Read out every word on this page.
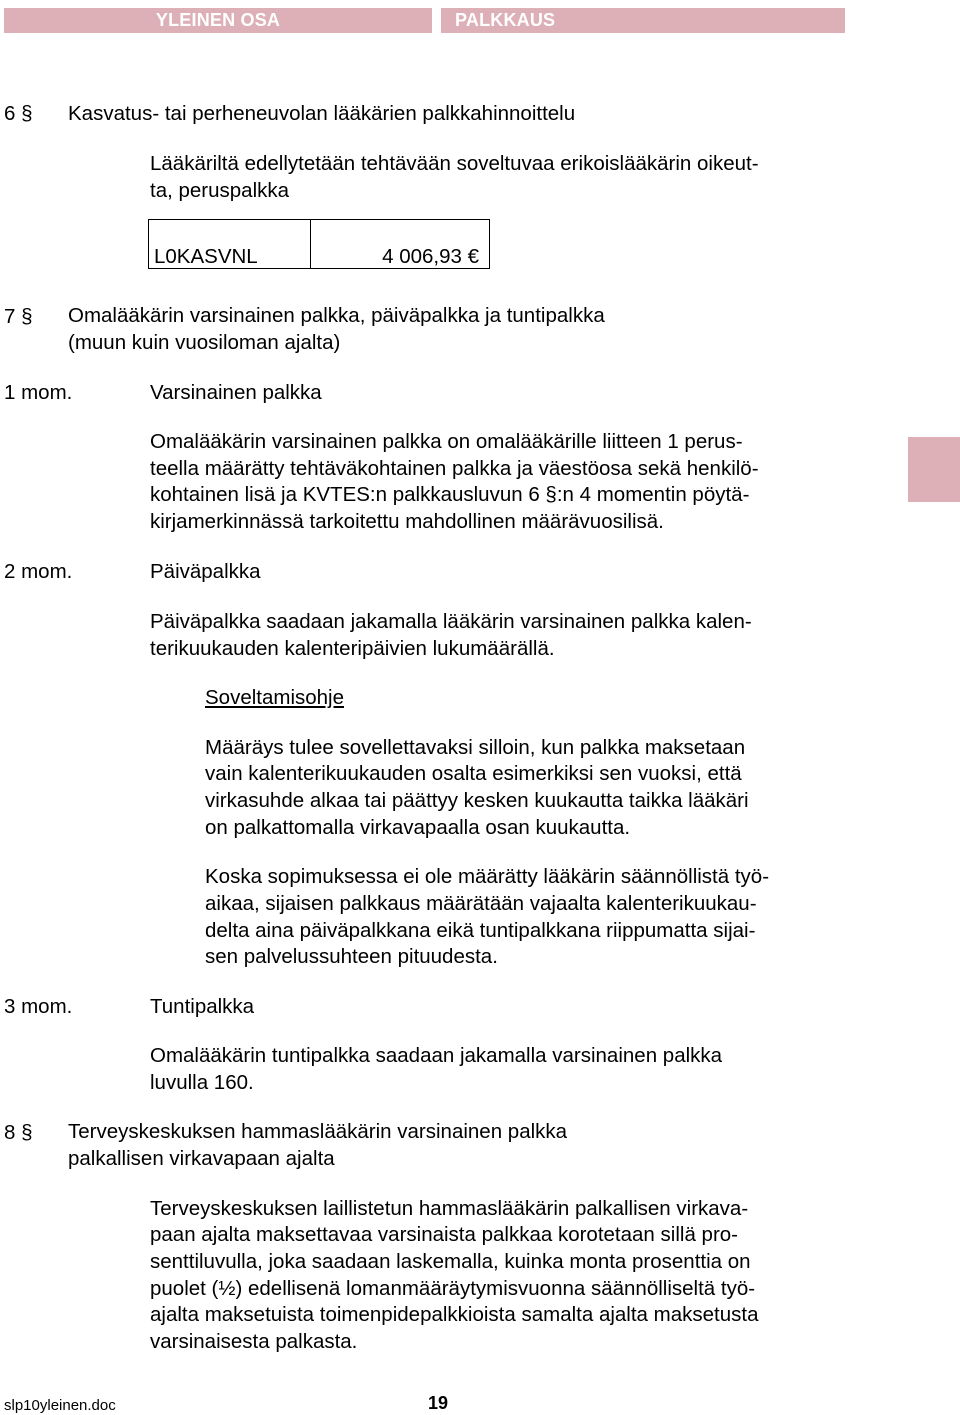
YLEINEN OSA	PALKKAUS
6 § Kasvatus- tai perheneuvolan lääkärien palkkahinnoittelu
Lääkäriltä edellytetään tehtävään soveltuvaa erikoislääkärin oikeut-
ta, peruspalkka
L0KASVNL	4 006,93 €
7 § Omalääkärin varsinainen palkka, päiväpalkka ja tuntipalkka
(muun kuin vuosiloman ajalta)
1 mom.	Varsinainen palkka
Omalääkärin varsinainen palkka on omalääkärille liitteen 1 perus-
teella määrätty tehtäväkohtainen palkka ja väestöosa sekä henkilö-
kohtainen lisä ja KVTES:n palkkausluvun 6 §:n 4 momentin pöytä-
kirjamerkinnässä tarkoitettu mahdollinen määrävuosilisä.
2 mom.	Päiväpalkka
Päiväpalkka saadaan jakamalla lääkärin varsinainen palkka kalen-
terikuukauden kalenteripäivien lukumäärällä.
Soveltamisohje
Määräys tulee sovellettavaksi silloin, kun palkka maksetaan
vain kalenterikuukauden osalta esimerkiksi sen vuoksi, että
virkasuhde alkaa tai päättyy kesken kuukautta taikka lääkäri
on palkattomalla virkavapaalla osan kuukautta.
Koska sopimuksessa ei ole määrätty lääkärin säännöllistä työ-
aikaa, sijaisen palkkaus määrätään vajaalta kalenterikuukau-
delta aina päiväpalkkana eikä tuntipalkkana riippumatta sijai-
sen palvelussuhteen pituudesta.
3 mom.	Tuntipalkka
Omalääkärin tuntipalkka saadaan jakamalla varsinainen palkka
luvulla 160.
8 § Terveyskeskuksen hammaslääkärin varsinainen palkka
palkallisen virkavapaan ajalta
Terveyskeskuksen laillistetun hammaslääkärin palkallisen virkava-
paan ajalta maksettavaa varsinaista palkkaa korotetaan sillä pro-
senttiluvulla, joka saadaan laskemalla, kuinka monta prosenttia on
puolet (½) edellisenä lomanmääräytymisvuonna säännölliseltä työ-
ajalta maksetuista toimenpidepalkkioista samalta ajalta maksetusta
varsinaisesta palkasta.
slp10yleinen.doc	19
